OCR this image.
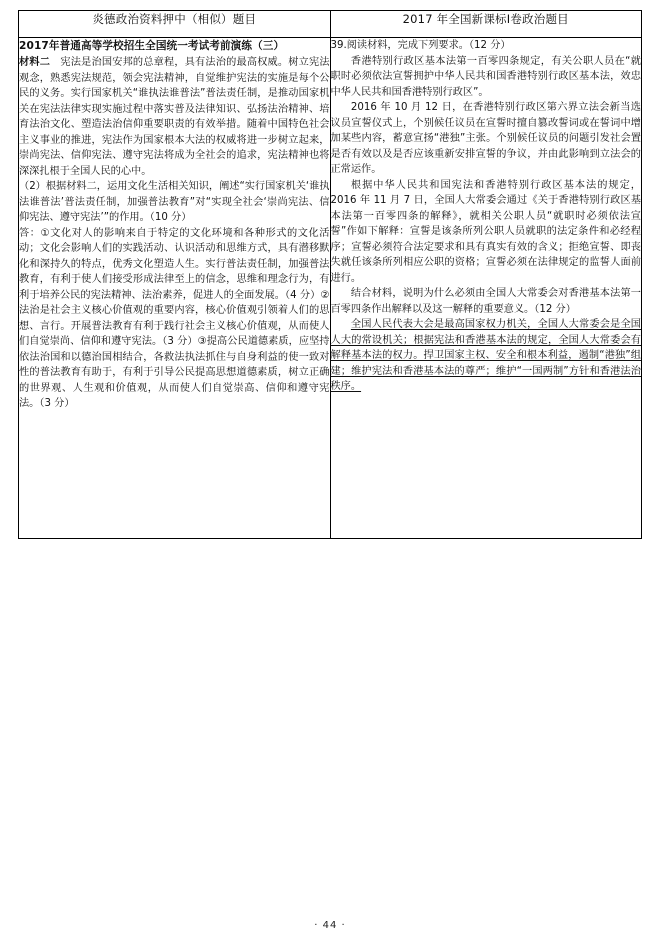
炎德政治资料押中（相似）题目	2017 年全国新课标Ⅰ卷政治题目

2017年普通高等学校招生全国统一考试考前演练（三）

材料二　宪法是治国安邦的总章程，具有法治的最高权威。树立宪法观念，熟悉宪法规范，领会宪法精神，自觉维护宪法的实施是每个公民的义务。实行国家机关“谁执法谁普法”普法责任制，是推动国家机关在宪法法律实现实施过程中落实普及法律知识、弘扬法治精神、培育法治文化、塑造法治信仰重要职责的有效举措。随着中国特色社会主义事业的推进，宪法作为国家根本大法的权威将进一步树立起来，崇尚宪法、信仰宪法、遵守宪法将成为全社会的追求，宪法精神也将深深扎根于全国人民的心中。

（2）根据材料二，运用文化生活相关知识，阐述“实行国家机关‘谁执法谁普法’普法责任制，加强普法教育”对“实现全社会‘崇尚宪法、信仰宪法、遵守宪法’”的作用。（10 分）

答：①文化对人的影响来自于特定的文化环境和各种形式的文化活动；文化会影响人们的实践活动、认识活动和思维方式，具有潜移默化和深持久的特点，优秀文化塑造人生。实行普法责任制，加强普法教育，有利于使人们接受形成法律至上的信念，思维和理念行为，有利于培养公民的宪法精神、法治素养，促进人的全面发展。（4 分）②法治是社会主义核心价值观的重要内容，核心价值观引领着人们的思想、言行。开展普法教育有利于践行社会主义核心价值观，从而使人们自觉崇尚、信仰和遵守宪法。（3 分）③提高公民道德素质，应坚持依法治国和以德治国相结合，各救法执法抓住与自身利益的使一致对性的普法教育有助于，有利于引导公民提高思想道德素质，树立正确的世界观、人生观和价值观，从而使人们自觉崇高、信仰和遵守宪法。（3 分）

39.阅读材料，完成下列要求。（12 分）

香港特别行政区基本法第一百零四条规定，有关公职人员在“就职时必须依法宣誓拥护中华人民共和国香港特别行政区基本法，效忠中华人民共和国香港特别行政区”。

2016 年 10 月 12 日，在香港特别行政区第六界立法会新当选议员宣誓仪式上，个别候任议员在宣誓时擅自篡改誓词或在誓词中增加某些内容，蓄意宣扬“港独”主张。个别候任议员的问题引发社会置是否有效以及是否应该重新安排宣誓的争议，并由此影响到立法会的正常运作。

根据中华人民共和国宪法和香港特别行政区基本法的规定，2016 年 11 月 7 日，全国人大常委会通过《关于香港特别行政区基本法第一百零四条的解释》，就相关公职人员“就职时必须依法宣誓”作如下解释：宣誓是该条所列公职人员就职的法定条件和必经程序；宣誓必须符合法定要求和具有真实有效的含义；拒绝宣誓、即丧失就任该条所列相应公职的资格；宣誓必须在法律规定的监誓人面前进行。

结合材料，说明为什么必须由全国人大常委会对香港基本法第一百零四条作出解释以及这一解释的重要意义。（12 分）

全国人民代表大会是最高国家权力机关，全国人大常委会是全国人大的常设机关；根据宪法和香港基本法的规定，全国人大常委会有解释基本法的权力。捍卫国家主权、安全和根本利益，遏制“港独”组建；维护宪法和香港基本法的尊严；维护“一国两制”方针和香港法治秩序。

· 44 ·
